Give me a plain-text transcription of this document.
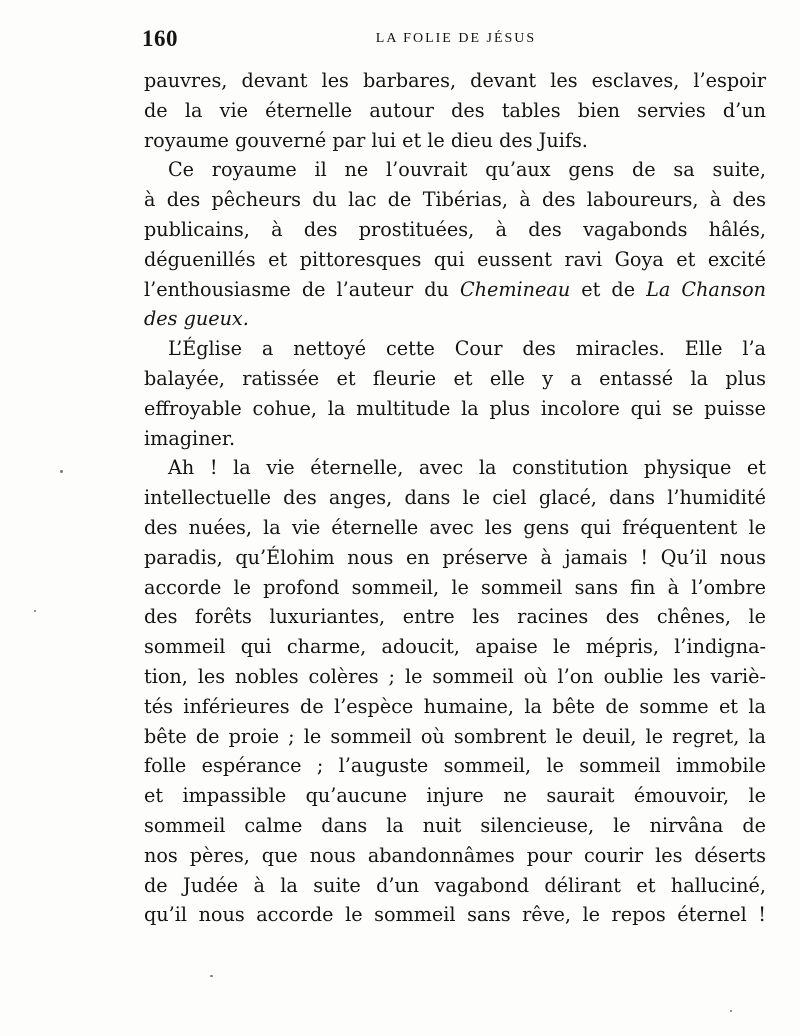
160	LA FOLIE DE JÉSUS
pauvres, devant les barbares, devant les esclaves, l’espoir
de la vie éternelle autour des tables bien servies d’un
royaume gouverné par lui et le dieu des Juifs.
Ce royaume il ne l’ouvrait qu’aux gens de sa suite,
à des pêcheurs du lac de Tibérias, à des laboureurs, à des
publicains, à des prostituées, à des vagabonds hâlés,
déguenillés et pittoresques qui eussent ravi Goya et excité
l’enthousiasme de l’auteur du Chemineau et de La Chanson
des gueux.
L’Église a nettoyé cette Cour des miracles. Elle l’a
balayée, ratissée et fleurie et elle y a entassé la plus
effroyable cohue, la multitude la plus incolore qui se puisse
imaginer.
Ah ! la vie éternelle, avec la constitution physique et
intellectuelle des anges, dans le ciel glacé, dans l’humidité
des nuées, la vie éternelle avec les gens qui fréquentent le
paradis, qu’Élohim nous en préserve à jamais ! Qu’il nous
accorde le profond sommeil, le sommeil sans fin à l’ombre
des forêts luxuriantes, entre les racines des chênes, le
sommeil qui charme, adoucit, apaise le mépris, l’indigna-
tion, les nobles colères ; le sommeil où l’on oublie les variè-
tés inférieures de l’espèce humaine, la bête de somme et la
bête de proie ; le sommeil où sombrent le deuil, le regret, la
folle espérance ; l’auguste sommeil, le sommeil immobile
et impassible qu’aucune injure ne saurait émouvoir, le
sommeil calme dans la nuit silencieuse, le nirvâna de
nos pères, que nous abandonnâmes pour courir les déserts
de Judée à la suite d’un vagabond délirant et halluciné,
qu’il nous accorde le sommeil sans rêve, le repos éternel !
